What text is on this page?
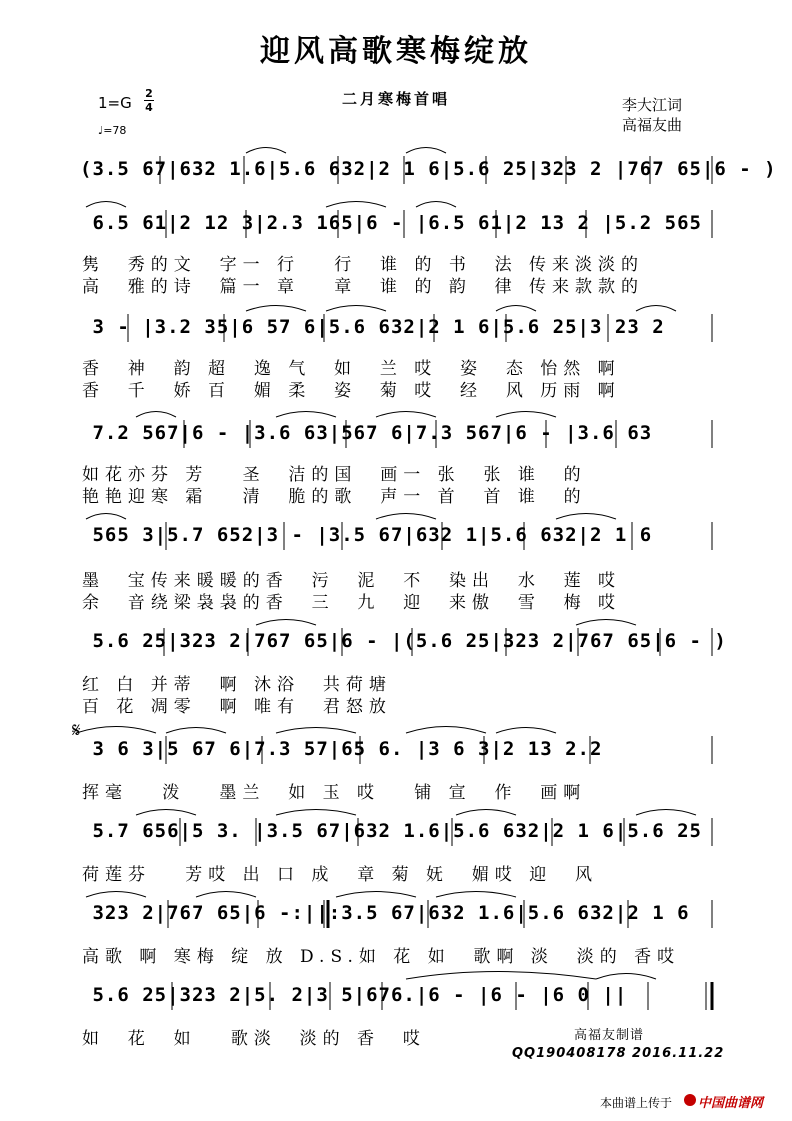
迎风高歌寒梅绽放
二月寒梅首唱
1=G
2
4
♩=78
李大江词
高福友曲
(3.5 67|632 1.6|5.6 632|2 1 6|5.6 25|323 2 |767 65|6 - )
6.5 61|2 12 3|2.3 165|6 - |6.5 61|2 13 2 |5.2 565
隽  秀的文  字一 行   行  谁 的 书  法 传来淡淡的
高  雅的诗  篇一 章   章  谁 的 韵  律 传来款款的
3 - |3.2 35|6 57 6|5.6 632|2 1 6|5.6 25|3 23 2
香  神  韵 超  逸 气  如  兰 哎  姿  态 怡然 啊
香  千  娇 百  媚 柔  姿  菊 哎  经  风 历雨 啊
7.2 567|6 - |3.6 63|567 6|7.3 567|6 - |3.6 63
如花亦芬 芳   圣  洁的国  画一 张  张 谁  的
艳艳迎寒 霜   清  脆的歌  声一 首  首 谁  的
565 3|5.7 652|3 - |3.5 67|632 1|5.6 632|2 1 6
墨  宝传来暖暖的香  污  泥  不  染出  水  莲 哎
余  音绕梁袅袅的香  三  九  迎  来傲  雪  梅 哎
5.6 25|323 2|767 65|6 - |(5.6 25|323 2|767 65|6 - )
红 白 并蒂  啊 沐浴  共荷塘
百 花 凋零  啊 唯有  君怒放
𝄋
3 6 3|5 67 6|7.3 57|65 6. |3 6 3|2 13 2.2
挥毫   泼   墨兰  如 玉 哎   铺 宣  作  画啊
5.7 656|5 3. |3.5 67|632 1.6|5.6 632|2 1 6|5.6 25
荷莲芬   芳哎 出 口 成  章 菊 妩  媚哎 迎  风
323 2|767 65|6 -:||:3.5 67|632 1.6|5.6 632|2 1 6
高歌 啊 寒梅 绽 放 D.S.如 花 如  歌啊 淡  淡的 香哎
5.6 25|323 2|5. 2|3 5|676.|6 - |6 - |6 0 ||
如  花  如   歌淡  淡的 香  哎	高福友制谱
QQ190408178 2016.11.22
本曲谱上传于 中国曲谱网
